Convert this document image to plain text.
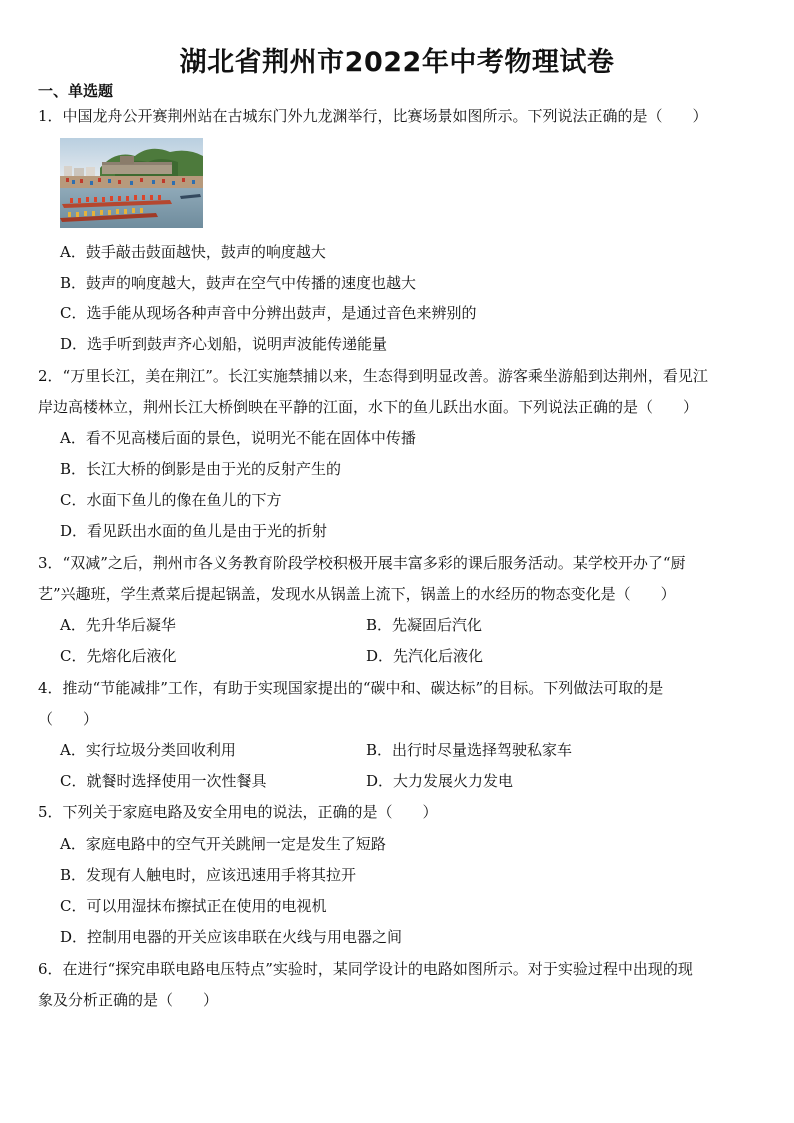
湖北省荆州市2022年中考物理试卷
一、单选题
1．中国龙舟公开赛荆州站在古城东门外九龙渊举行，比赛场景如图所示。下列说法正确的是（　　）
A．鼓手敲击鼓面越快，鼓声的响度越大
B．鼓声的响度越大，鼓声在空气中传播的速度也越大
C．选手能从现场各种声音中分辨出鼓声，是通过音色来辨别的
D．选手听到鼓声齐心划船，说明声波能传递能量
2．“万里长江，美在荆江”。长江实施禁捕以来，生态得到明显改善。游客乘坐游船到达荆州，看见江
岸边高楼林立，荆州长江大桥倒映在平静的江面，水下的鱼儿跃出水面。下列说法正确的是（　　）
A．看不见高楼后面的景色，说明光不能在固体中传播
B．长江大桥的倒影是由于光的反射产生的
C．水面下鱼儿的像在鱼儿的下方
D．看见跃出水面的鱼儿是由于光的折射
3．“双减”之后，荆州市各义务教育阶段学校积极开展丰富多彩的课后服务活动。某学校开办了“厨
艺”兴趣班，学生煮菜后提起锅盖，发现水从锅盖上流下，锅盖上的水经历的物态变化是（　　）
A．先升华后凝华	B．先凝固后汽化
C．先熔化后液化	D．先汽化后液化
4．推动“节能减排”工作，有助于实现国家提出的“碳中和、碳达标”的目标。下列做法可取的是
（　　）
A．实行垃圾分类回收利用	B．出行时尽量选择驾驶私家车
C．就餐时选择使用一次性餐具	D．大力发展火力发电
5．下列关于家庭电路及安全用电的说法，正确的是（　　）
A．家庭电路中的空气开关跳闸一定是发生了短路
B．发现有人触电时，应该迅速用手将其拉开
C．可以用湿抹布擦拭正在使用的电视机
D．控制用电器的开关应该串联在火线与用电器之间
6．在进行“探究串联电路电压特点”实验时，某同学设计的电路如图所示。对于实验过程中出现的现
象及分析正确的是（　　）
